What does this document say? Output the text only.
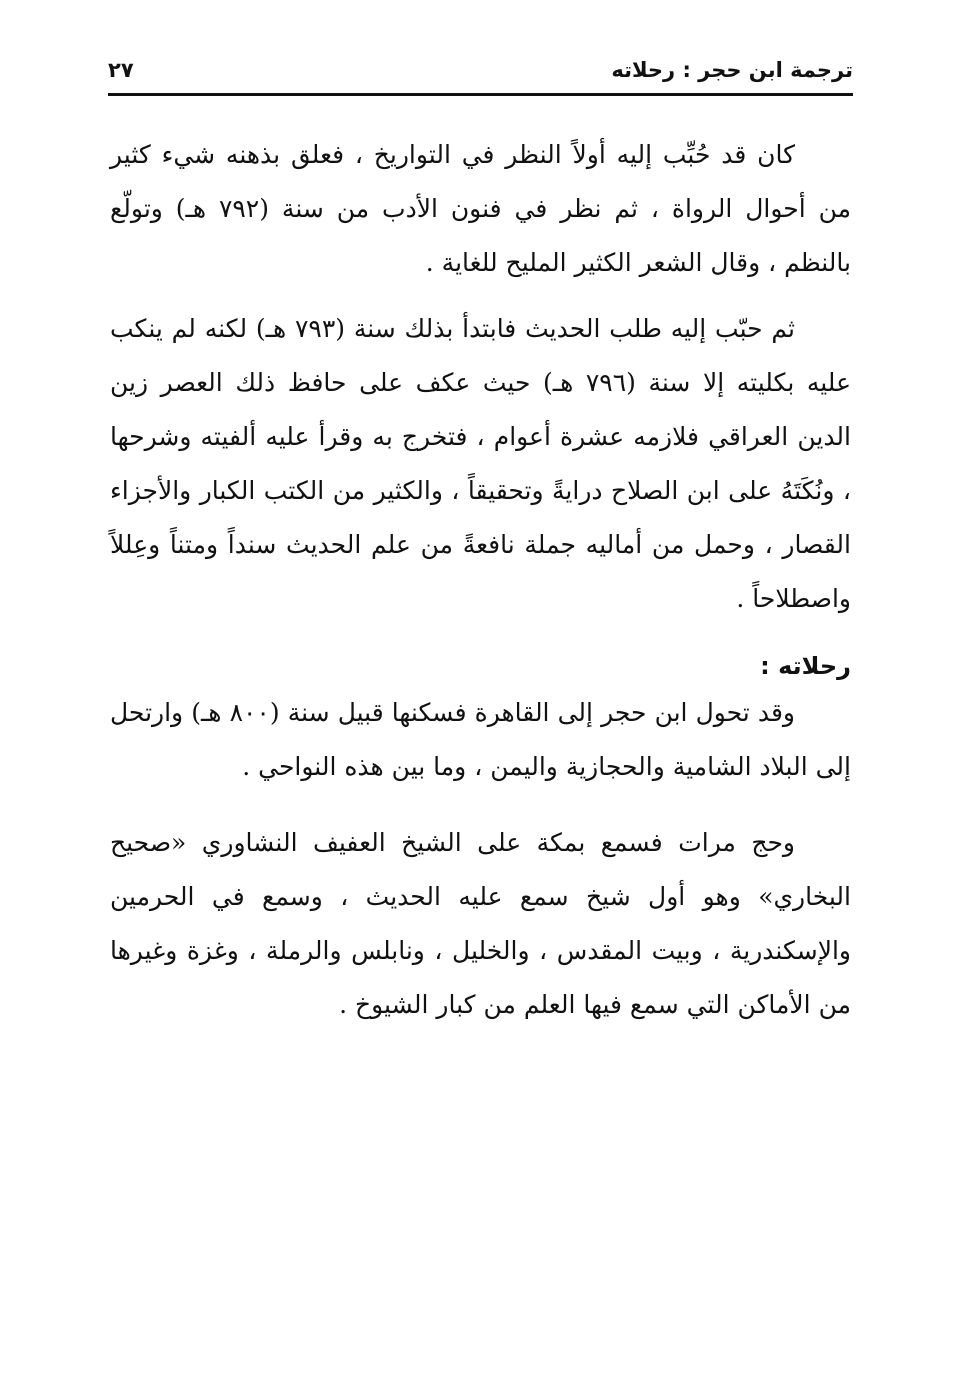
ترجمة ابن حجر : رحلاته
٢٧

كان قد حُبِّب إليه أولاً النظر في التواريخ ، فعلق بذهنه شيء كثير من أحوال الرواة ، ثم نظر في فنون الأدب من سنة (٧٩٢ هـ) وتولّع بالنظم ، وقال الشعر الكثير المليح للغاية .

ثم حبّب إليه طلب الحديث فابتدأ بذلك سنة (٧٩٣ هـ) لكنه لم ينكب عليه بكليته إلا سنة (٧٩٦ هـ) حيث عكف على حافظ ذلك العصر زين الدين العراقي فلازمه عشرة أعوام ، فتخرج به وقرأ عليه ألفيته وشرحها ، ونُكَتَهُ على ابن الصلاح درايةً وتحقيقاً ، والكثير من الكتب الكبار والأجزاء القصار ، وحمل من أماليه جملة نافعةً من علم الحديث سنداً ومتناً وعِللاً واصطلاحاً .

رحلاته :

وقد تحول ابن حجر إلى القاهرة فسكنها قبيل سنة (٨٠٠ هـ) وارتحل إلى البلاد الشامية والحجازية واليمن ، وما بين هذه النواحي .

وحج مرات فسمع بمكة على الشيخ العفيف النشاوري «صحيح البخاري» وهو أول شيخ سمع عليه الحديث ، وسمع في الحرمين والإسكندرية ، وبيت المقدس ، والخليل ، ونابلس والرملة ، وغزة وغيرها من الأماكن التي سمع فيها العلم من كبار الشيوخ .
